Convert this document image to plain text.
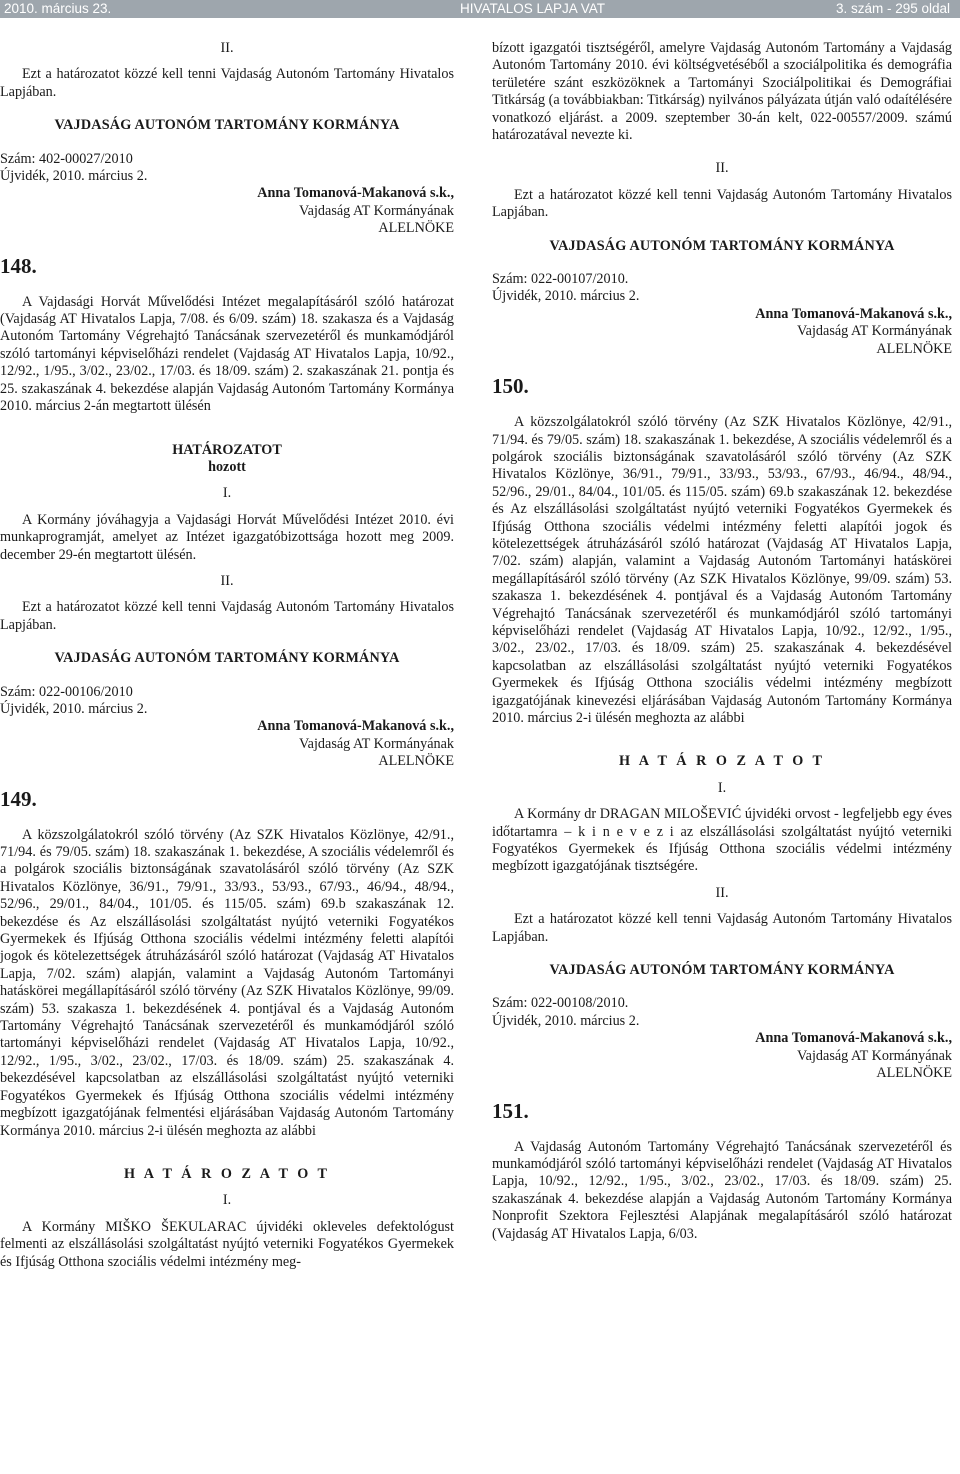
2010. március 23.	HIVATALOS LAPJA VAT	3. szám - 295 oldal

II.

Ezt a határozatot közzé kell tenni Vajdaság Autonóm Tartomány Hivatalos Lapjában.

VAJDASÁG AUTONÓM TARTOMÁNY KORMÁNYA

Szám: 402-00027/2010

Újvidék, 2010. március 2.

Anna Tomanová-Makanová s.k.,
Vajdaság AT Kormányának
ALELNÖKE

148.

A Vajdasági Horvát Művelődési Intézet megalapításáról szóló határozat (Vajdaság AT Hivatalos Lapja, 7/08. és 6/09. szám) 18. szakasza és a Vajdaság Autonóm Tartomány Végrehajtó Tanácsának szervezetéről és munkamódjáról szóló tartományi képviselőházi rendelet (Vajdaság AT Hivatalos Lapja, 10/92., 12/92., 1/95., 3/02., 23/02., 17/03. és 18/09. szám) 2. szakaszának 21. pontja és 25. szakaszának 4. bekezdése alapján Vajdaság Autonóm Tartomány Kormánya 2010. március 2-án megtartott ülésén

HATÁROZATOT

hozott

I.

A Kormány jóváhagyja a Vajdasági Horvát Művelődési Intézet 2010. évi munkaprogramját, amelyet az Intézet igazgatóbizottsága hozott meg 2009. december 29-én megtartott ülésén.

II.

Ezt a határozatot közzé kell tenni Vajdaság Autonóm Tartomány Hivatalos Lapjában.

VAJDASÁG AUTONÓM TARTOMÁNY KORMÁNYA

Szám: 022-00106/2010

Újvidék, 2010. március 2.

Anna Tomanová-Makanová s.k.,
Vajdaság AT Kormányának
ALELNÖKE

149.

A közszolgálatokról szóló törvény (Az SZK Hivatalos Közlönye, 42/91., 71/94. és 79/05. szám) 18. szakaszának 1. bekezdése, A szociális védelemről és a polgárok szociális biztonságának szavatolásáról szóló törvény (Az SZK Hivatalos Közlönye, 36/91., 79/91., 33/93., 53/93., 67/93., 46/94., 48/94., 52/96., 29/01., 84/04., 101/05. és 115/05. szám) 69.b szakaszának 12. bekezdése és Az elszállásolási szolgáltatást nyújtó veterniki Fogyatékos Gyermekek és Ifjúság Otthona szociális védelmi intézmény feletti alapítói jogok és kötelezettségek átruházásáról szóló határozat (Vajdaság AT Hivatalos Lapja, 7/02. szám) alapján, valamint a Vajdaság Autonóm Tartományi hatáskörei megállapításáról szóló törvény (Az SZK Hivatalos Közlönye, 99/09. szám) 53. szakasza 1. bekezdésének 4. pontjával és a Vajdaság Autonóm Tartomány Végrehajtó Tanácsának szervezetéről és munkamódjáról szóló tartományi képviselőházi rendelet (Vajdaság AT Hivatalos Lapja, 10/92., 12/92., 1/95., 3/02., 23/02., 17/03. és 18/09. szám) 25. szakaszának 4. bekezdésével kapcsolatban az elszállásolási szolgáltatást nyújtó veterniki Fogyatékos Gyermekek és Ifjúság Otthona szociális védelmi intézmény megbízott igazgatójának felmentési eljárásában Vajdaság Autonóm Tartomány Kormánya 2010. március 2-i ülésén meghozta az alábbi

H A T Á R O Z A T O T

I.

A Kormány MIŠKO ŠEKULARAC újvidéki okleveles defektológust felmenti az elszállásolási szolgáltatást nyújtó veterniki Fogyatékos Gyermekek és Ifjúság Otthona szociális védelmi intézmény meg-

bízott igazgatói tisztségéről, amelyre Vajdaság Autonóm Tartomány a Vajdaság Autonóm Tartomány 2010. évi költségvetéséből a szociálpolitika és demográfia területére szánt eszközöknek a Tartományi Szociálpolitikai és Demográfiai Titkárság (a továbbiakban: Titkárság) nyilvános pályázata útján való odaítélésére vonatkozó eljárást. a 2009. szeptember 30-án kelt, 022-00557/2009. számú határozatával nevezte ki.

II.

Ezt a határozatot közzé kell tenni Vajdaság Autonóm Tartomány Hivatalos Lapjában.

VAJDASÁG AUTONÓM TARTOMÁNY KORMÁNYA

Szám: 022-00107/2010.

Újvidék, 2010. március 2.

Anna Tomanová-Makanová s.k.,
Vajdaság AT Kormányának
ALELNÖKE

150.

A közszolgálatokról szóló törvény (Az SZK Hivatalos Közlönye, 42/91., 71/94. és 79/05. szám) 18. szakaszának 1. bekezdése, A szociális védelemről és a polgárok szociális biztonságának szavatolásáról szóló törvény (Az SZK Hivatalos Közlönye, 36/91., 79/91., 33/93., 53/93., 67/93., 46/94., 48/94., 52/96., 29/01., 84/04., 101/05. és 115/05. szám) 69.b szakaszának 12. bekezdése és Az elszállásolási szolgáltatást nyújtó veterniki Fogyatékos Gyermekek és Ifjúság Otthona szociális védelmi intézmény feletti alapítói jogok és kötelezettségek átruházásáról szóló határozat (Vajdaság AT Hivatalos Lapja, 7/02. szám) alapján, valamint a Vajdaság Autonóm Tartományi hatáskörei megállapításáról szóló törvény (Az SZK Hivatalos Közlönye, 99/09. szám) 53. szakasza 1. bekezdésének 4. pontjával és a Vajdaság Autonóm Tartomány Végrehajtó Tanácsának szervezetéről és munkamódjáról szóló tartományi képviselőházi rendelet (Vajdaság AT Hivatalos Lapja, 10/92., 12/92., 1/95., 3/02., 23/02., 17/03. és 18/09. szám) 25. szakaszának 4. bekezdésével kapcsolatban az elszállásolási szolgáltatást nyújtó veterniki Fogyatékos Gyermekek és Ifjúság Otthona szociális védelmi intézmény megbízott igazgatójának kinevezési eljárásában Vajdaság Autonóm Tartomány Kormánya 2010. március 2-i ülésén meghozta az alábbi

H A T Á R O Z A T O T

I.

A Kormány dr DRAGAN MILOŠEVIĆ újvidéki orvost - legfeljebb egy éves időtartamra – k i n e v e z i az elszállásolási szolgáltatást nyújtó veterniki Fogyatékos Gyermekek és Ifjúság Otthona szociális védelmi intézmény megbízott igazgatójának tisztségére.

II.

Ezt a határozatot közzé kell tenni Vajdaság Autonóm Tartomány Hivatalos Lapjában.

VAJDASÁG AUTONÓM TARTOMÁNY KORMÁNYA

Szám: 022-00108/2010.

Újvidék, 2010. március 2.

Anna Tomanová-Makanová s.k.,
Vajdaság AT Kormányának
ALELNÖKE

151.

A Vajdaság Autonóm Tartomány Végrehajtó Tanácsának szervezetéről és munkamódjáról szóló tartományi képviselőházi rendelet (Vajdaság AT Hivatalos Lapja, 10/92., 12/92., 1/95., 3/02., 23/02., 17/03. és 18/09. szám) 25. szakaszának 4. bekezdése alapján a Vajdaság Autonóm Tartomány Kormánya Nonprofit Szektora Fejlesztési Alapjának megalapításáról szóló határozat (Vajdaság AT Hivatalos Lapja, 6/03.
